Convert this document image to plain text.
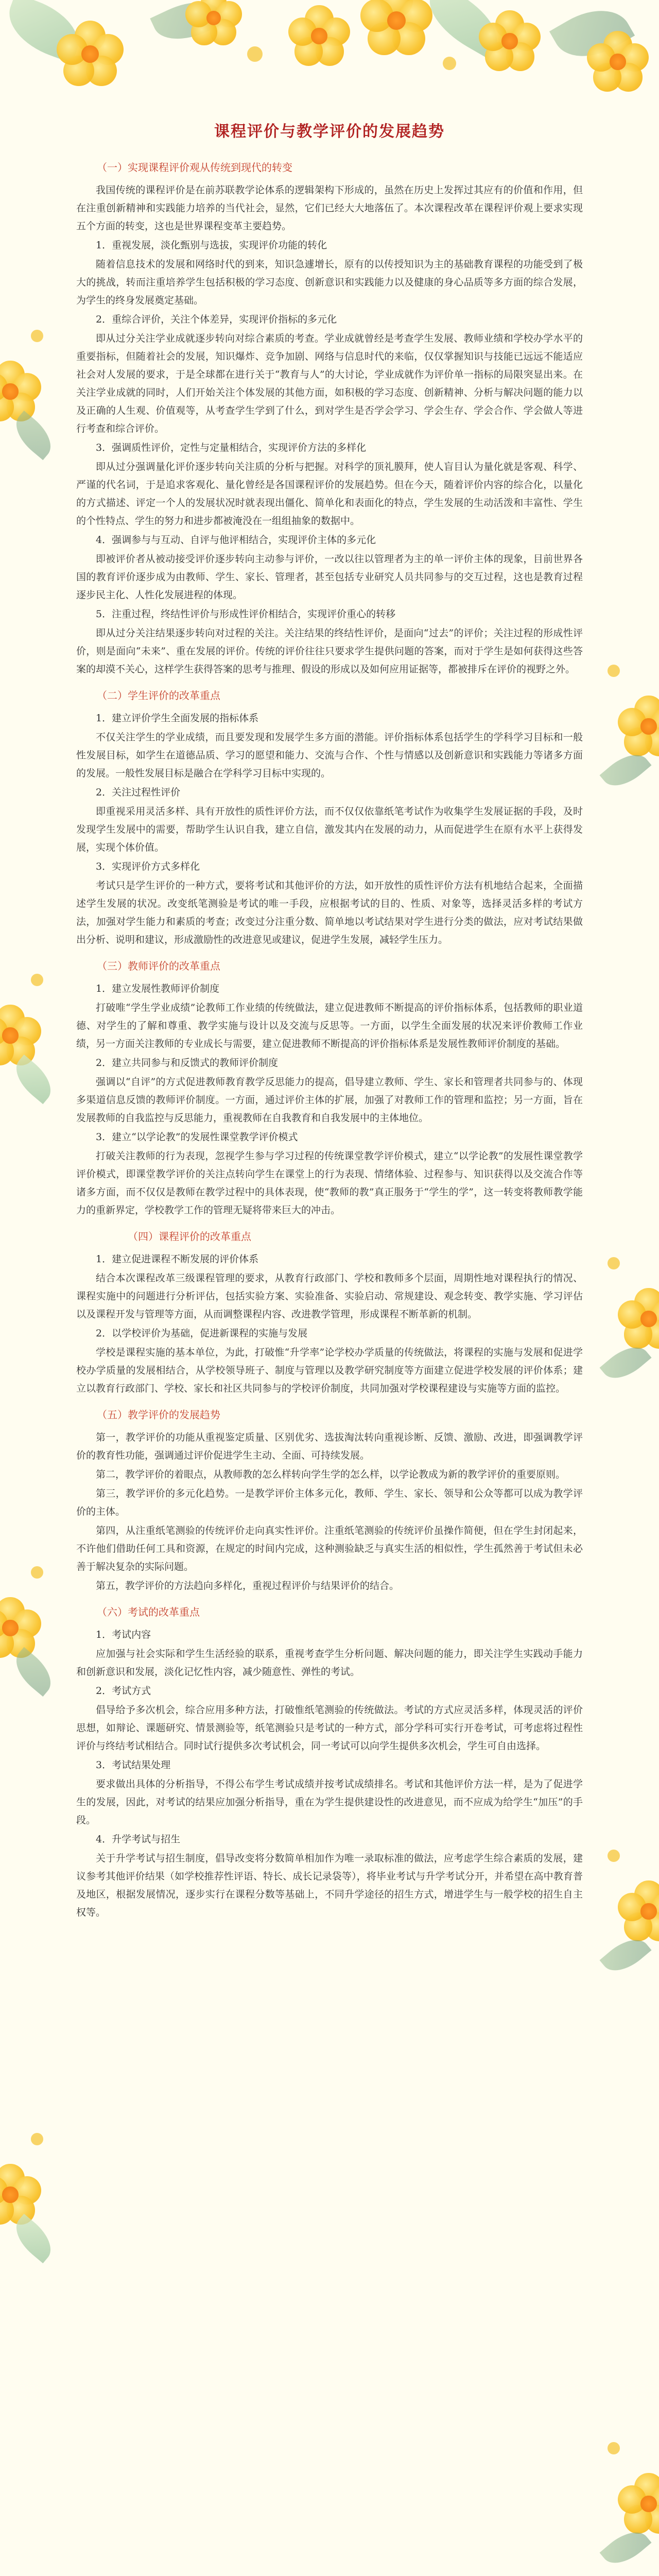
课程评价与教学评价的发展趋势
（一）实现课程评价观从传统到现代的转变

我国传统的课程评价是在前苏联教学论体系的逻辑架构下形成的，虽然在历史上发挥过其应有的价值和作用，但在注重创新精神和实践能力培养的当代社会，显然，它们已经大大地落伍了。本次课程改革在课程评价观上要求实现五个方面的转变，这也是世界课程变革主要趋势。

1．重视发展，淡化甄别与选拔，实现评价功能的转化

随着信息技术的发展和网络时代的到来，知识急遽增长，原有的以传授知识为主的基础教育课程的功能受到了极大的挑战，转而注重培养学生包括积极的学习态度、创新意识和实践能力以及健康的身心品质等多方面的综合发展，为学生的终身发展奠定基础。

2．重综合评价，关注个体差异，实现评价指标的多元化

即从过分关注学业成就逐步转向对综合素质的考查。学业成就曾经是考查学生发展、教师业绩和学校办学水平的重要指标，但随着社会的发展，知识爆炸、竞争加剧、网络与信息时代的来临，仅仅掌握知识与技能已远远不能适应社会对人发展的要求，于是全球都在进行关于“教育与人”的大讨论，学业成就作为评价单一指标的局限突显出来。在关注学业成就的同时，人们开始关注个体发展的其他方面，如积极的学习态度、创新精神、分析与解决问题的能力以及正确的人生观、价值观等，从考查学生学到了什么，到对学生是否学会学习、学会生存、学会合作、学会做人等进行考查和综合评价。

3．强调质性评价，定性与定量相结合，实现评价方法的多样化

即从过分强调量化评价逐步转向关注质的分析与把握。对科学的顶礼膜拜，使人盲目认为量化就是客观、科学、严谨的代名词，于是追求客观化、量化曾经是各国课程评价的发展趋势。但在今天，随着评价内容的综合化，以量化的方式描述、评定一个人的发展状况时就表现出僵化、简单化和表面化的特点，学生发展的生动活泼和丰富性、学生的个性特点、学生的努力和进步都被淹没在一组组抽象的数据中。

4．强调参与与互动、自评与他评相结合，实现评价主体的多元化

即被评价者从被动接受评价逐步转向主动参与评价，一改以往以管理者为主的单一评价主体的现象，目前世界各国的教育评价逐步成为由教师、学生、家长、管理者，甚至包括专业研究人员共同参与的交互过程，这也是教育过程逐步民主化、人性化发展进程的体现。

5．注重过程，终结性评价与形成性评价相结合，实现评价重心的转移

即从过分关注结果逐步转向对过程的关注。关注结果的终结性评价，是面向“过去”的评价；关注过程的形成性评价，则是面向“未来”、重在发展的评价。传统的评价往往只要求学生提供问题的答案，而对于学生是如何获得这些答案的却漠不关心，这样学生获得答案的思考与推理、假设的形成以及如何应用证据等，都被排斥在评价的视野之外。

（二）学生评价的改革重点

1．建立评价学生全面发展的指标体系

不仅关注学生的学业成绩，而且要发现和发展学生多方面的潜能。评价指标体系包括学生的学科学习目标和一般性发展目标，如学生在道德品质、学习的愿望和能力、交流与合作、个性与情感以及创新意识和实践能力等诸多方面的发展。一般性发展目标是融合在学科学习目标中实现的。

2．关注过程性评价

即重视采用灵活多样、具有开放性的质性评价方法，而不仅仅依靠纸笔考试作为收集学生发展证据的手段，及时发现学生发展中的需要，帮助学生认识自我，建立自信，激发其内在发展的动力，从而促进学生在原有水平上获得发展，实现个体价值。

3．实现评价方式多样化

考试只是学生评价的一种方式，要将考试和其他评价的方法，如开放性的质性评价方法有机地结合起来，全面描述学生发展的状况。改变纸笔测验是考试的唯一手段，应根据考试的目的、性质、对象等，选择灵活多样的考试方法，加强对学生能力和素质的考查；改变过分注重分数、简单地以考试结果对学生进行分类的做法，应对考试结果做出分析、说明和建议，形成激励性的改进意见或建议，促进学生发展，减轻学生压力。

（三）教师评价的改革重点

1．建立发展性教师评价制度

打破唯“学生学业成绩”论教师工作业绩的传统做法，建立促进教师不断提高的评价指标体系，包括教师的职业道德、对学生的了解和尊重、教学实施与设计以及交流与反思等。一方面，以学生全面发展的状况来评价教师工作业绩，另一方面关注教师的专业成长与需要，建立促进教师不断提高的评价指标体系是发展性教师评价制度的基础。

2．建立共同参与和反馈式的教师评价制度

强调以“自评”的方式促进教师教育教学反思能力的提高，倡导建立教师、学生、家长和管理者共同参与的、体现多渠道信息反馈的教师评价制度。一方面，通过评价主体的扩展，加强了对教师工作的管理和监控；另一方面，旨在发展教师的自我监控与反思能力，重视教师在自我教育和自我发展中的主体地位。

3．建立“以学论教”的发展性课堂教学评价模式

打破关注教师的行为表现，忽视学生参与学习过程的传统课堂教学评价模式，建立“以学论教”的发展性课堂教学评价模式，即课堂教学评价的关注点转向学生在课堂上的行为表现、情绪体验、过程参与、知识获得以及交流合作等诸多方面，而不仅仅是教师在教学过程中的具体表现，使“教师的教”真正服务于“学生的学”，这一转变将教师教学能力的重新界定，学校教学工作的管理无疑将带来巨大的冲击。

（四）课程评价的改革重点

1．建立促进课程不断发展的评价体系

结合本次课程改革三级课程管理的要求，从教育行政部门、学校和教师多个层面，周期性地对课程执行的情况、课程实施中的问题进行分析评估，包括实验方案、实验准备、实验启动、常规建设、观念转变、教学实施、学习评估以及课程开发与管理等方面，从而调整课程内容、改进教学管理，形成课程不断革新的机制。

2．以学校评价为基础，促进新课程的实施与发展

学校是课程实施的基本单位，为此，打破惟“升学率”论学校办学质量的传统做法，将课程的实施与发展和促进学校办学质量的发展相结合，从学校领导班子、制度与管理以及教学研究制度等方面建立促进学校发展的评价体系；建立以教育行政部门、学校、家长和社区共同参与的学校评价制度，共同加强对学校课程建设与实施等方面的监控。

（五）教学评价的发展趋势

第一，教学评价的功能从重视鉴定质量、区别优劣、选拔淘汰转向重视诊断、反馈、激励、改进，即强调教学评价的教育性功能，强调通过评价促进学生主动、全面、可持续发展。

第二，教学评价的着眼点，从教师教的怎么样转向学生学的怎么样，以学论教成为新的教学评价的重要原则。

第三，教学评价的多元化趋势。一是教学评价主体多元化，教师、学生、家长、领导和公众等都可以成为教学评价的主体。

第四，从注重纸笔测验的传统评价走向真实性评价。注重纸笔测验的传统评价虽操作简便，但在学生封闭起来，不许他们借助任何工具和资源，在规定的时间内完成，这种测验缺乏与真实生活的相似性，学生孤然善于考试但未必善于解决复杂的实际问题。

第五，教学评价的方法趋向多样化，重视过程评价与结果评价的结合。

（六）考试的改革重点

1．考试内容

应加强与社会实际和学生生活经验的联系，重视考查学生分析问题、解决问题的能力，即关注学生实践动手能力和创新意识和发展，淡化记忆性内容，减少随意性、弹性的考试。

2．考试方式

倡导给予多次机会，综合应用多种方法，打破惟纸笔测验的传统做法。考试的方式应灵活多样，体现灵活的评价思想，如辩论、课题研究、情景测验等，纸笔测验只是考试的一种方式，部分学科可实行开卷考试，可考虑将过程性评价与终结考试相结合。同时试行提供多次考试机会，同一考试可以向学生提供多次机会，学生可自由选择。

3．考试结果处理

要求做出具体的分析指导，不得公布学生考试成绩并按考试成绩排名。考试和其他评价方法一样，是为了促进学生的发展，因此，对考试的结果应加强分析指导，重在为学生提供建设性的改进意见，而不应成为给学生“加压”的手段。

4．升学考试与招生

关于升学考试与招生制度，倡导改变将分数简单相加作为唯一录取标准的做法，应考虑学生综合素质的发展，建议参考其他评价结果（如学校推荐性评语、特长、成长记录袋等），将毕业考试与升学考试分开，并希望在高中教育普及地区，根据发展情况，逐步实行在课程分数等基础上，不同升学途径的招生方式，增进学生与一般学校的招生自主权等。
